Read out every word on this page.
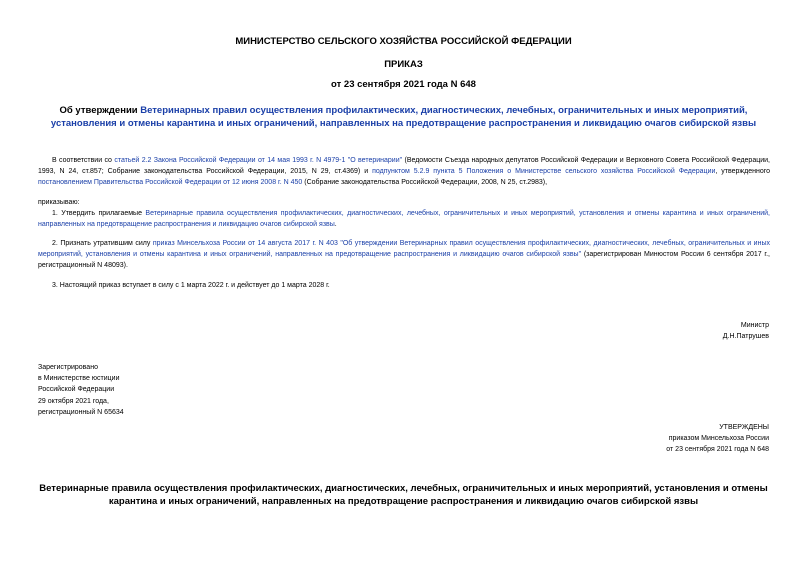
МИНИСТЕРСТВО СЕЛЬСКОГО ХОЗЯЙСТВА РОССИЙСКОЙ ФЕДЕРАЦИИ
ПРИКАЗ
от 23 сентября 2021 года N 648
Об утверждении Ветеринарных правил осуществления профилактических, диагностических, лечебных, ограничительных и иных мероприятий, установления и отмены карантина и иных ограничений, направленных на предотвращение распространения и ликвидацию очагов сибирской язвы
В соответствии со статьей 2.2 Закона Российской Федерации от 14 мая 1993 г. N 4979-1 "О ветеринарии" (Ведомости Съезда народных депутатов Российской Федерации и Верховного Совета Российской Федерации, 1993, N 24, ст.857; Собрание законодательства Российской Федерации, 2015, N 29, ст.4369) и подпунктом 5.2.9 пункта 5 Положения о Министерстве сельского хозяйства Российской Федерации, утвержденного постановлением Правительства Российской Федерации от 12 июня 2008 г. N 450 (Собрание законодательства Российской Федерации, 2008, N 25, ст.2983),
приказываю:
1. Утвердить прилагаемые Ветеринарные правила осуществления профилактических, диагностических, лечебных, ограничительных и иных мероприятий, установления и отмены карантина и иных ограничений, направленных на предотвращение распространения и ликвидацию очагов сибирской язвы.
2. Признать утратившим силу приказ Минсельхоза России от 14 августа 2017 г. N 403 "Об утверждении Ветеринарных правил осуществления профилактических, диагностических, лечебных, ограничительных и иных мероприятий, установления и отмены карантина и иных ограничений, направленных на предотвращение распространения и ликвидацию очагов сибирской язвы" (зарегистрирован Минюстом России 6 сентября 2017 г., регистрационный N 48093).
3. Настоящий приказ вступает в силу с 1 марта 2022 г. и действует до 1 марта 2028 г.
Министр
Д.Н.Патрушев
Зарегистрировано
в Министерстве юстиции
Российской Федерации
29 октября 2021 года,
регистрационный N 65634
УТВЕРЖДЕНЫ
приказом Минсельхоза России
от 23 сентября 2021 года N 648
Ветеринарные правила осуществления профилактических, диагностических, лечебных, ограничительных и иных мероприятий, установления и отмены карантина и иных ограничений, направленных на предотвращение распространения и ликвидацию очагов сибирской язвы
